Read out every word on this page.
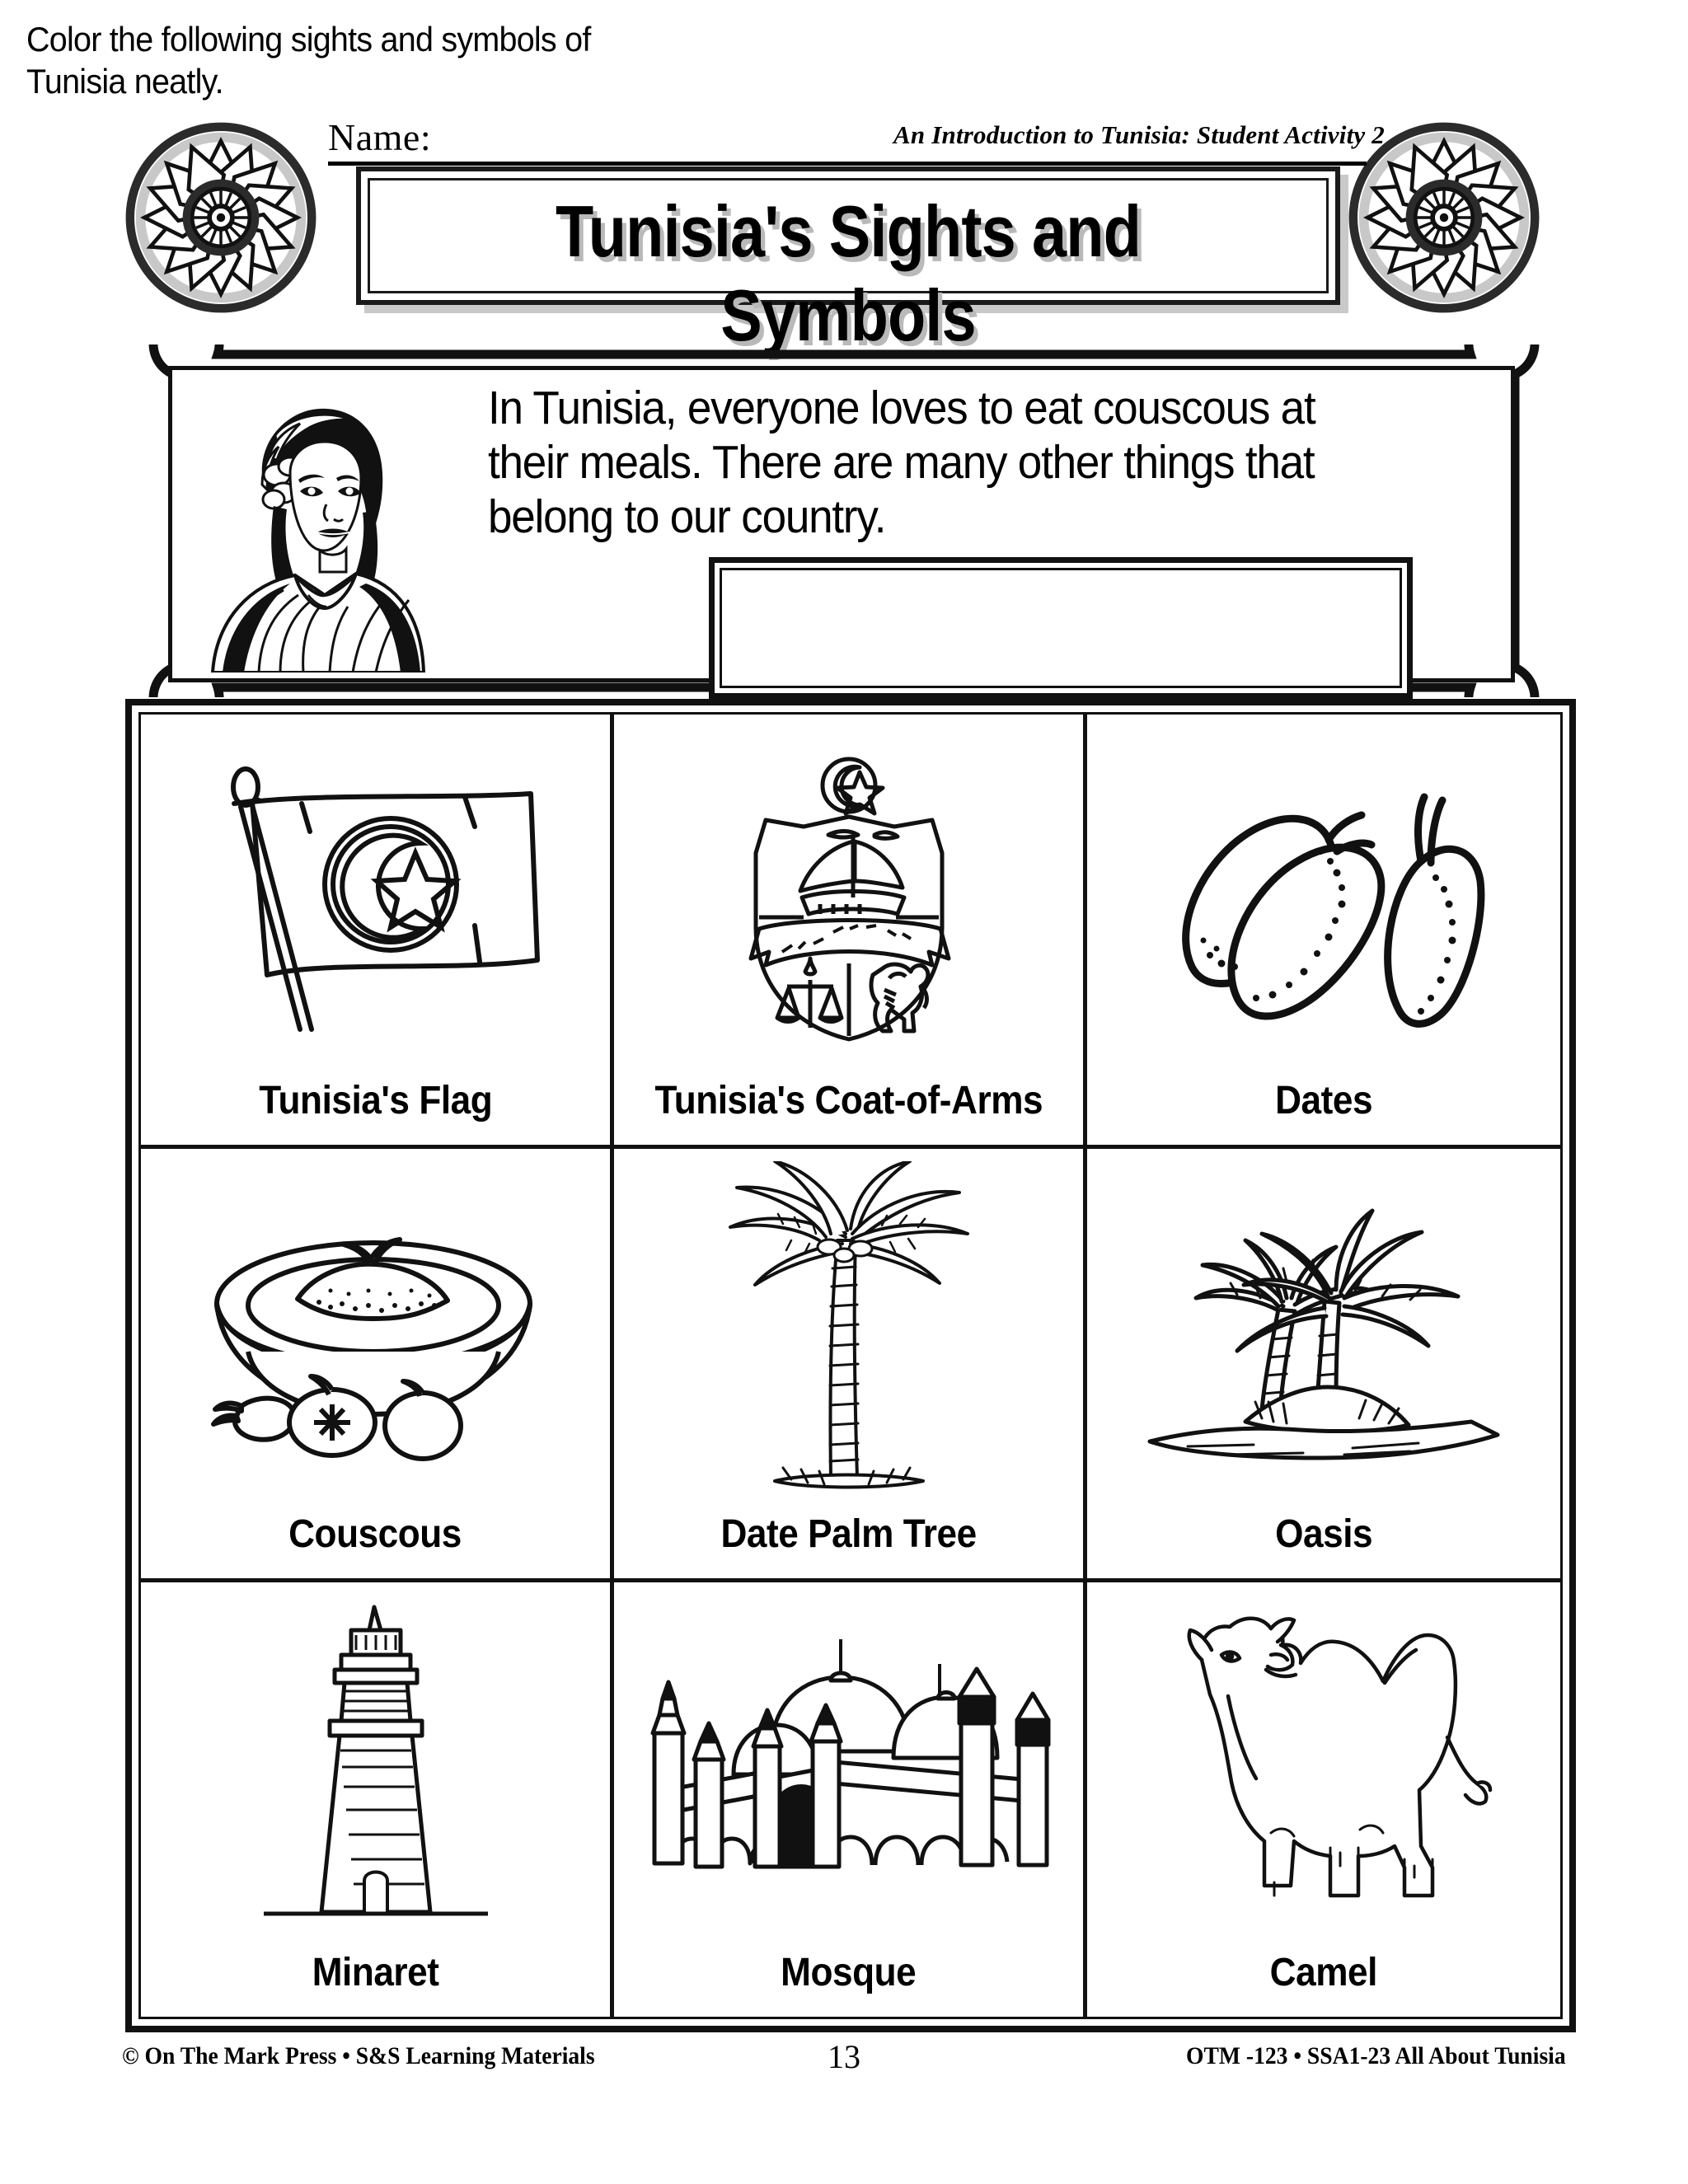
Name:	An Introduction to Tunisia: Student Activity 2
Tunisia's Sights and Symbols
In Tunisia, everyone loves to eat couscous at their meals. There are many other things that belong to our country.
Color the following sights and symbols of Tunisia neatly.
Tunisia's Flag	Tunisia's Coat-of-Arms	Dates
Couscous	Date Palm Tree	Oasis
Minaret	Mosque	Camel
© On The Mark Press • S&S Learning Materials	13	OTM -123 • SSA1-23 All About Tunisia
